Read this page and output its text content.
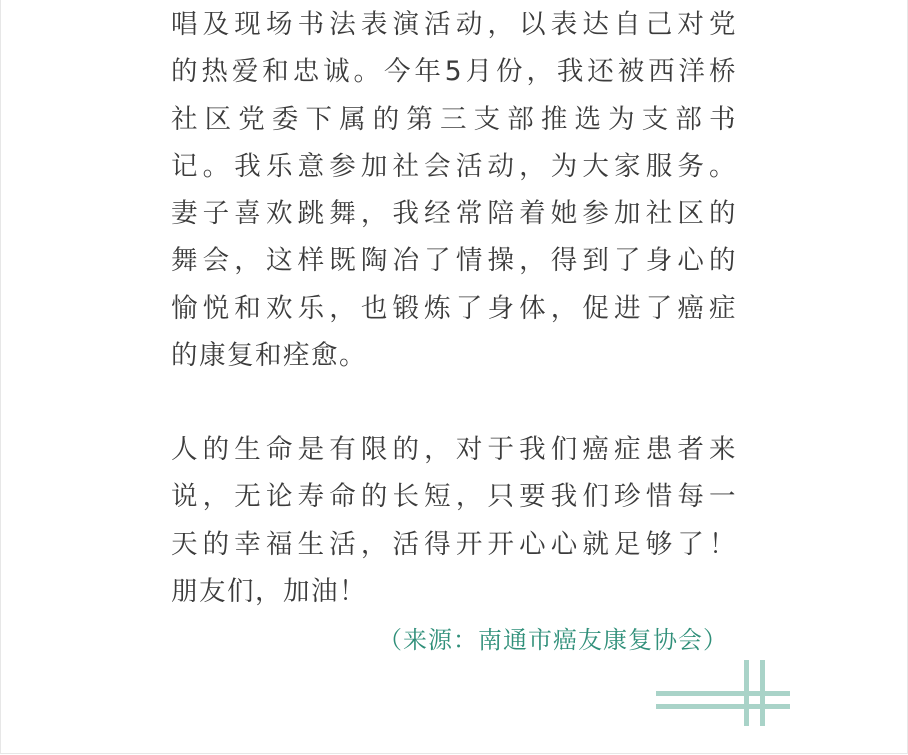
唱及现场书法表演活动，以表达自己对党
的热爱和忠诚。今年5月份，我还被西洋桥
社区党委下属的第三支部推选为支部书
记。我乐意参加社会活动，为大家服务。
妻子喜欢跳舞，我经常陪着她参加社区的
舞会，这样既陶冶了情操，得到了身心的
愉悦和欢乐，也锻炼了身体，促进了癌症
的康复和痊愈。
人的生命是有限的，对于我们癌症患者来
说，无论寿命的长短，只要我们珍惜每一
天的幸福生活，活得开开心心就足够了！
朋友们，加油！
（来源：南通市癌友康复协会）
